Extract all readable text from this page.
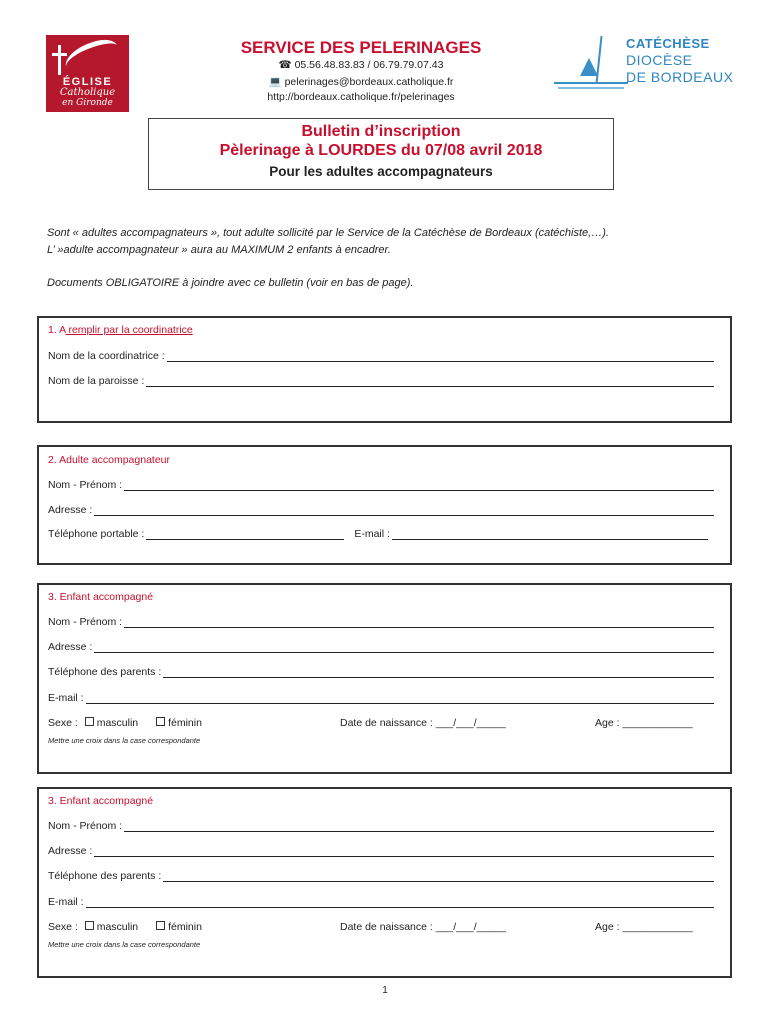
ÉGLISE
Catholique
en Gironde
SERVICE DES PELERINAGES
☎ 05.56.48.83.83 / 06.79.79.07.43
💻 pelerinages@bordeaux.catholique.fr
http://bordeaux.catholique.fr/pelerinages
CATÉCHÈSE
DIOCÈSE
DE BORDEAUX
Bulletin d’inscription
Pèlerinage à LOURDES du 07/08 avril 2018
Pour les adultes accompagnateurs
Sont « adultes accompagnateurs », tout adulte sollicité par le Service de la Catéchèse de Bordeaux (catéchiste,…).
L’ »adulte accompagnateur » aura au MAXIMUM 2 enfants à encadrer.
Documents OBLIGATOIRE à joindre avec ce bulletin (voir en bas de page).
1. A remplir par la coordinatrice
Nom de la coordinatrice :
Nom de la paroisse :
2. Adulte accompagnateur
Nom - Prénom :
Adresse :
Téléphone portable :	E-mail :
3. Enfant accompagné
Nom - Prénom :
Adresse :
Téléphone des parents :
E-mail :
Sexe : masculin	féminin	Date de naissance : ___/___/_____	Age : ____________
Mettre une croix dans la case correspondante
3. Enfant accompagné
Nom - Prénom :
Adresse :
Téléphone des parents :
E-mail :
Sexe : masculin	féminin	Date de naissance : ___/___/_____	Age : ____________
Mettre une croix dans la case correspondante
1
